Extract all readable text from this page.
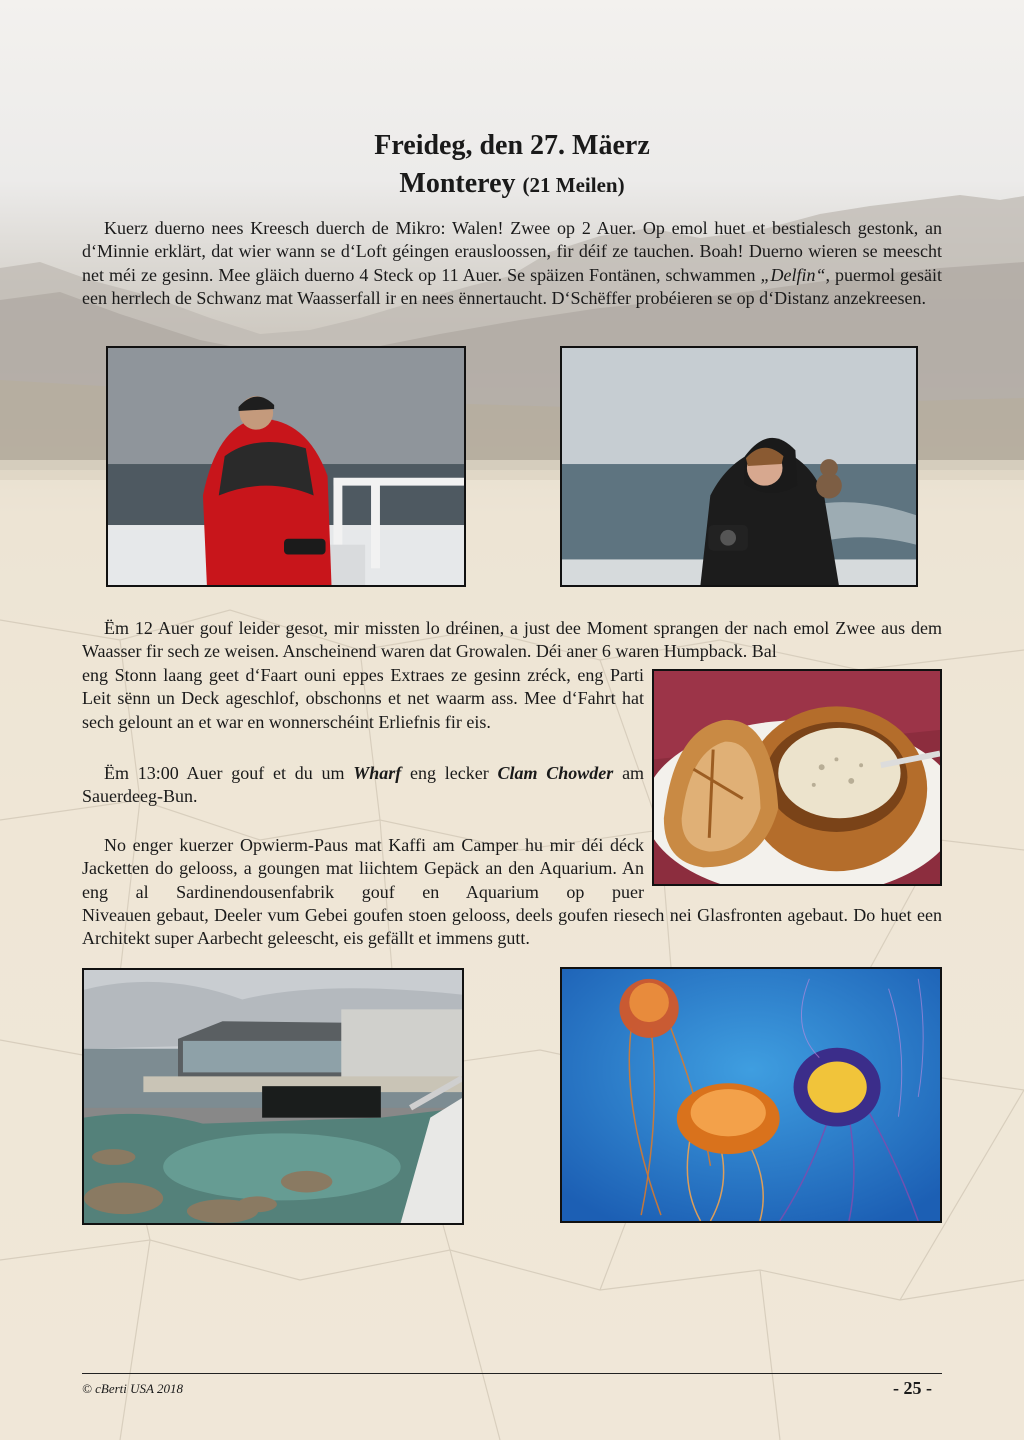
Freideg, den 27. Mäerz
Monterey (21 Meilen)

Kuerz duerno nees Kreesch duerch de Mikro: Walen! Zwee op 2 Auer. Op emol huet et bestialesch gestonk, an d‘Minnie erklärt, dat wier wann se d‘Loft géingen erausloossen, fir déif ze tauchen. Boah! Duerno wieren se meescht net méi ze gesinn. Mee gläich duerno 4 Steck op 11 Auer. Se späizen Fontänen, schwammen „Delfin“, puermol gesäit een herrlech de Schwanz mat Waasserfall ir en nees ënnertaucht. D‘Schëffer probéieren se op d‘Distanz anzekreesen.

Ëm 12 Auer gouf leider gesot, mir missten lo dréinen, a just dee Moment sprangen der nach emol Zwee aus dem Waasser fir sech ze weisen. Anscheinend waren dat Growalen. Déi aner 6 waren Humpback. Bal

eng Stonn laang geet d‘Faart ouni eppes Extraes ze gesinn zréck, eng Parti Leit sënn un Deck ageschlof, obschonns et net waarm ass. Mee d‘Fahrt hat sech gelount an et war en wonnerschéint Erliefnis fir eis.

Ëm 13:00 Auer gouf et du um Wharf eng lecker Clam Chowder am Sauerdeeg-Bun.

No enger kuerzer Opwierm-Paus mat Kaffi am Camper hu mir déi déck Jacketten do gelooss, a goungen mat liichtem Gepäck an den Aquarium. An eng al Sardinendousenfabrik gouf en Aquarium op puer

Niveauen gebaut, Deeler vum Gebei goufen stoen gelooss, deels goufen riesech nei Glasfronten agebaut. Do huet een Architekt super Aarbecht geleescht, eis gefällt et immens gutt.

© cBerti USA 2018	- 25 -
